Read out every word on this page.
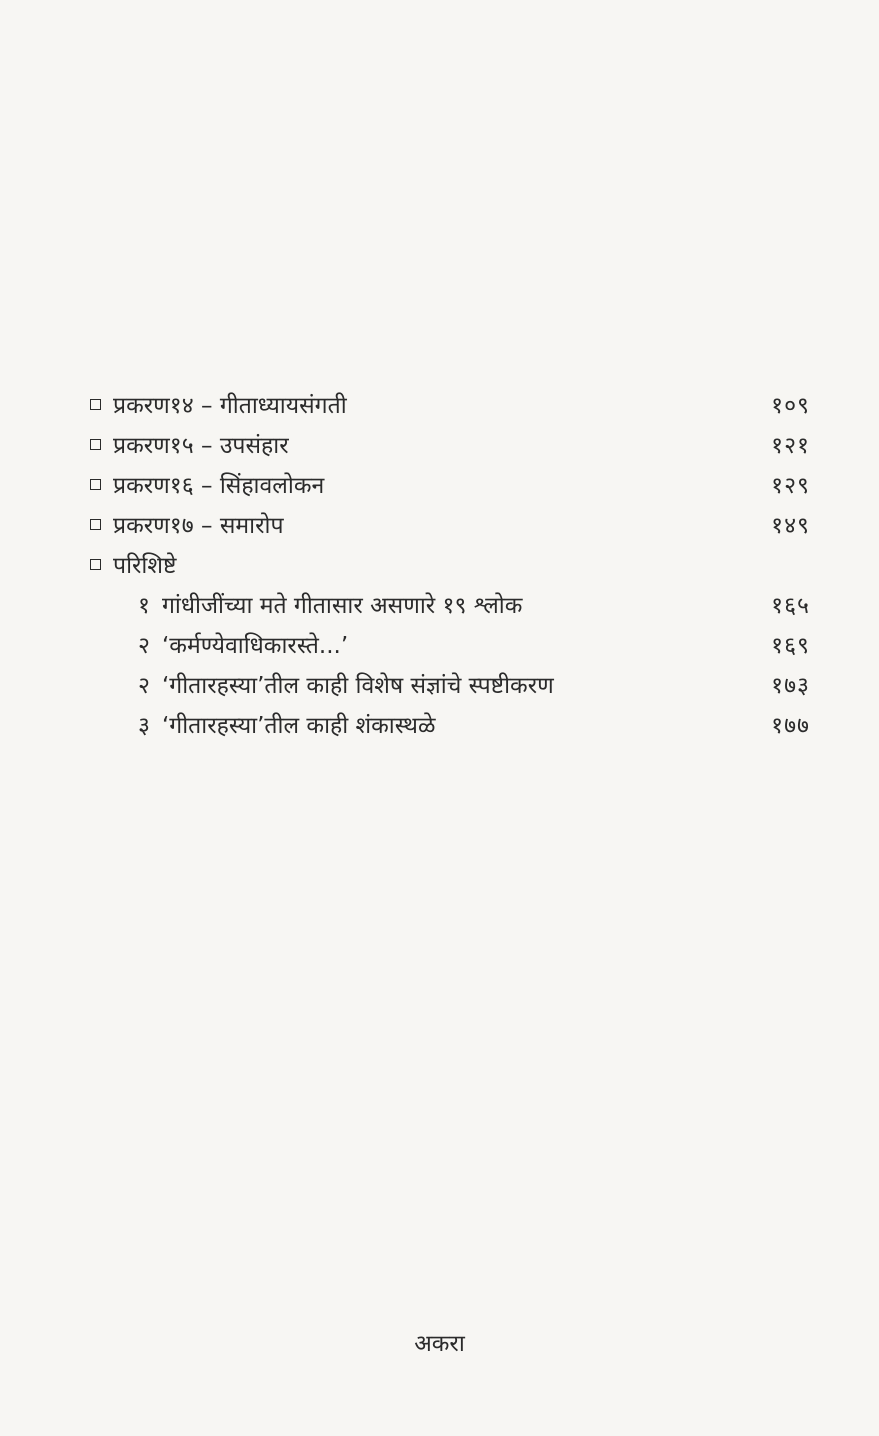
प्रकरण१४ – गीताध्यायसंगती	१०९
प्रकरण१५ – उपसंहार	१२१
प्रकरण१६ – सिंहावलोकन	१२९
प्रकरण१७ – समारोप	१४९
परिशिष्टे
१ गांधीजींच्या मते गीतासार असणारे १९ श्लोक	१६५
२ ‘कर्मण्येवाधिकारस्ते...’	१६९
२ ‘गीतारहस्या’तील काही विशेष संज्ञांचे स्पष्टीकरण	१७३
३ ‘गीतारहस्या’तील काही शंकास्थळे	१७७
अकरा
